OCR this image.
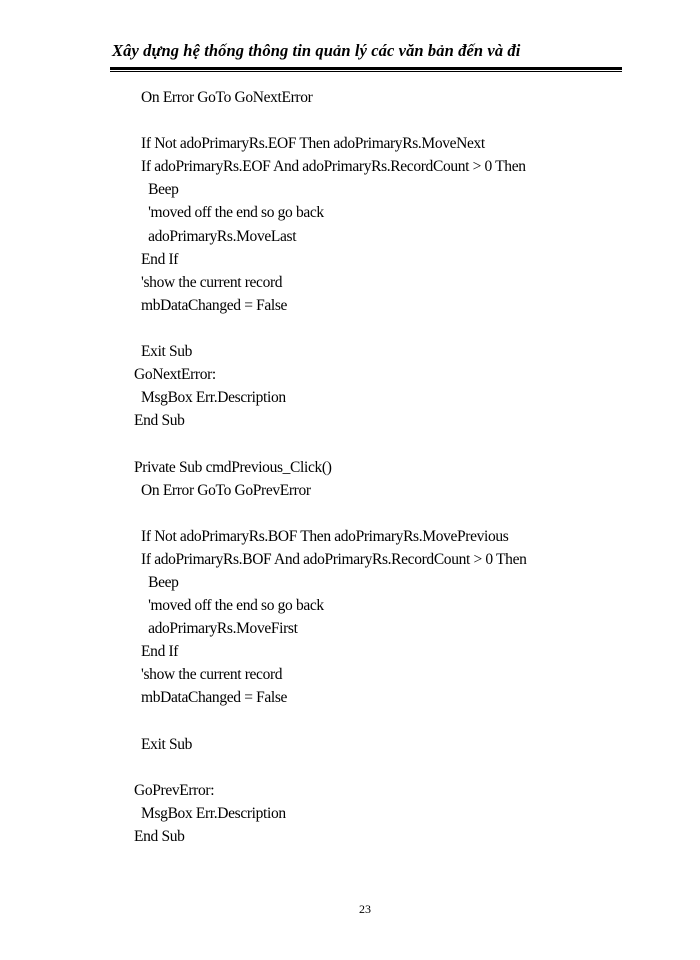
Xây dựng hệ thống thông tin quản lý các văn bản đến và đi
On Error GoTo GoNextError
If Not adoPrimaryRs.EOF Then adoPrimaryRs.MoveNext
If adoPrimaryRs.EOF And adoPrimaryRs.RecordCount > 0 Then
Beep
'moved off the end so go back
adoPrimaryRs.MoveLast
End If
'show the current record
mbDataChanged = False
Exit Sub
GoNextError:
MsgBox Err.Description
End Sub
Private Sub cmdPrevious_Click()
On Error GoTo GoPrevError
If Not adoPrimaryRs.BOF Then adoPrimaryRs.MovePrevious
If adoPrimaryRs.BOF And adoPrimaryRs.RecordCount > 0 Then
Beep
'moved off the end so go back
adoPrimaryRs.MoveFirst
End If
'show the current record
mbDataChanged = False
Exit Sub
GoPrevError:
MsgBox Err.Description
End Sub
23
